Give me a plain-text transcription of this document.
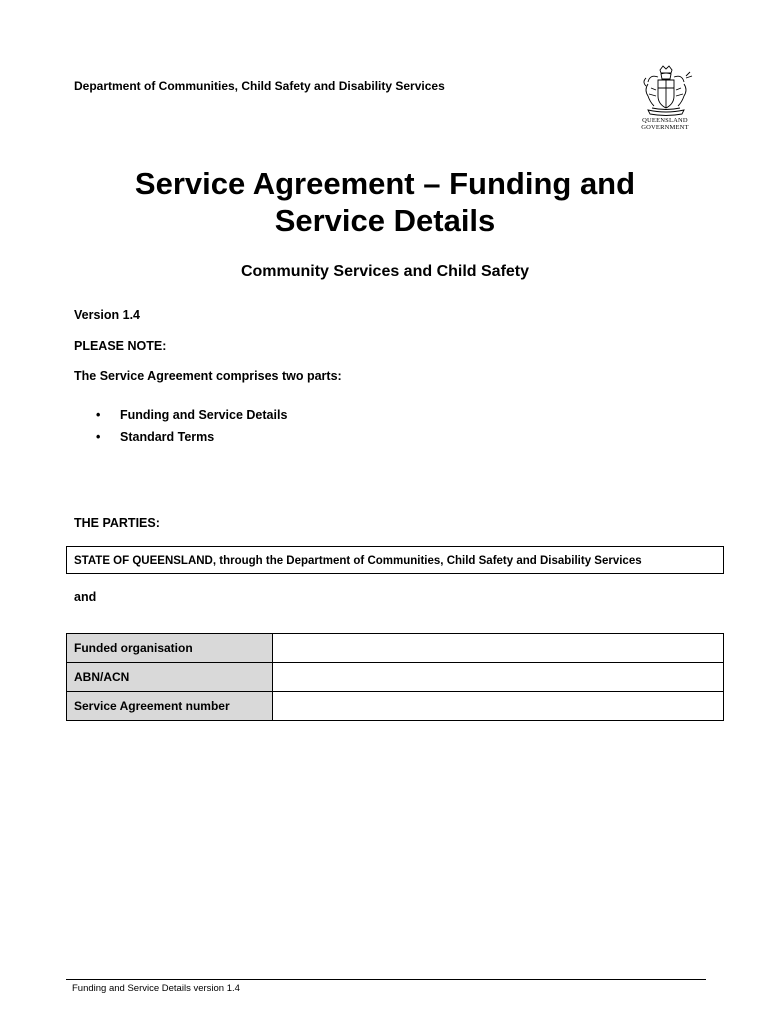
Department of Communities, Child Safety and Disability Services
QUEENSLAND
GOVERNMENT
Service Agreement – Funding and
Service Details
Community Services and Child Safety
Version 1.4
PLEASE NOTE:
The Service Agreement comprises two parts:
• Funding and Service Details
• Standard Terms
THE PARTIES:
STATE OF QUEENSLAND, through the Department of Communities, Child Safety and Disability Services
and
Funded organisation	
ABN/ACN	
Service Agreement number	
Funding and Service Details version 1.4
